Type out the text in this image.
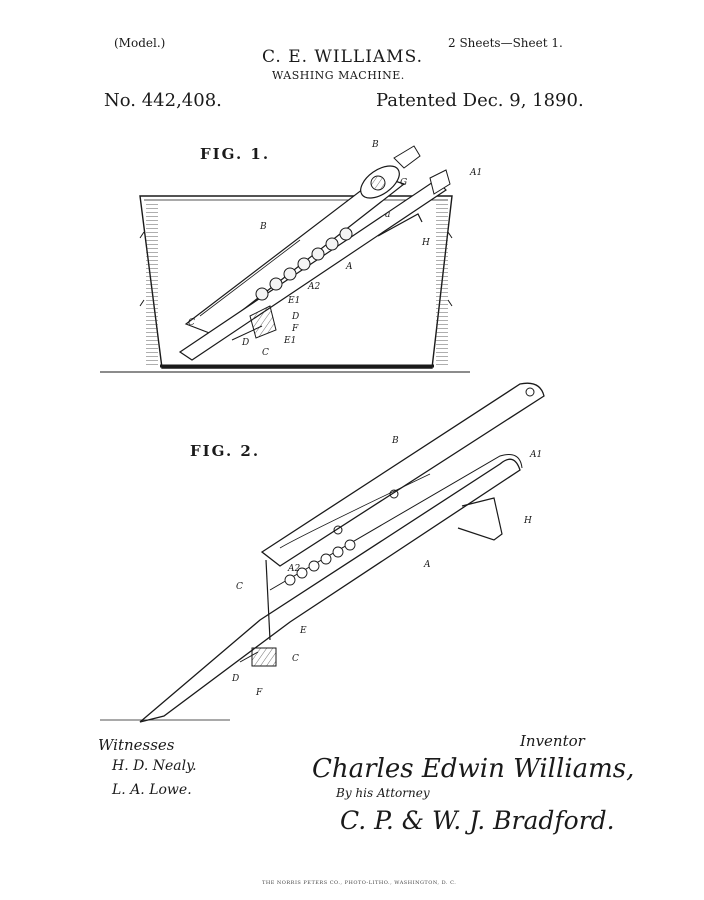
(Model.)
C. E. WILLIAMS.
WASHING MACHINE.
2 Sheets—Sheet 1.
No. 442,408.	Patented Dec. 9, 1890.
FIG. 1.
FIG. 2.
B
A1
G
a
H
B
A
A2
E1
D
F
E1
C
D
C
B
A1
H
A
A2
C
E
C
D
F
Witnesses
H. D. Nealy.
L. A. Lowe.
Inventor
Charles Edwin Williams,
By his Attorney
C. P. & W. J. Bradford.
THE NORRIS PETERS CO., PHOTO-LITHO., WASHINGTON, D. C.
